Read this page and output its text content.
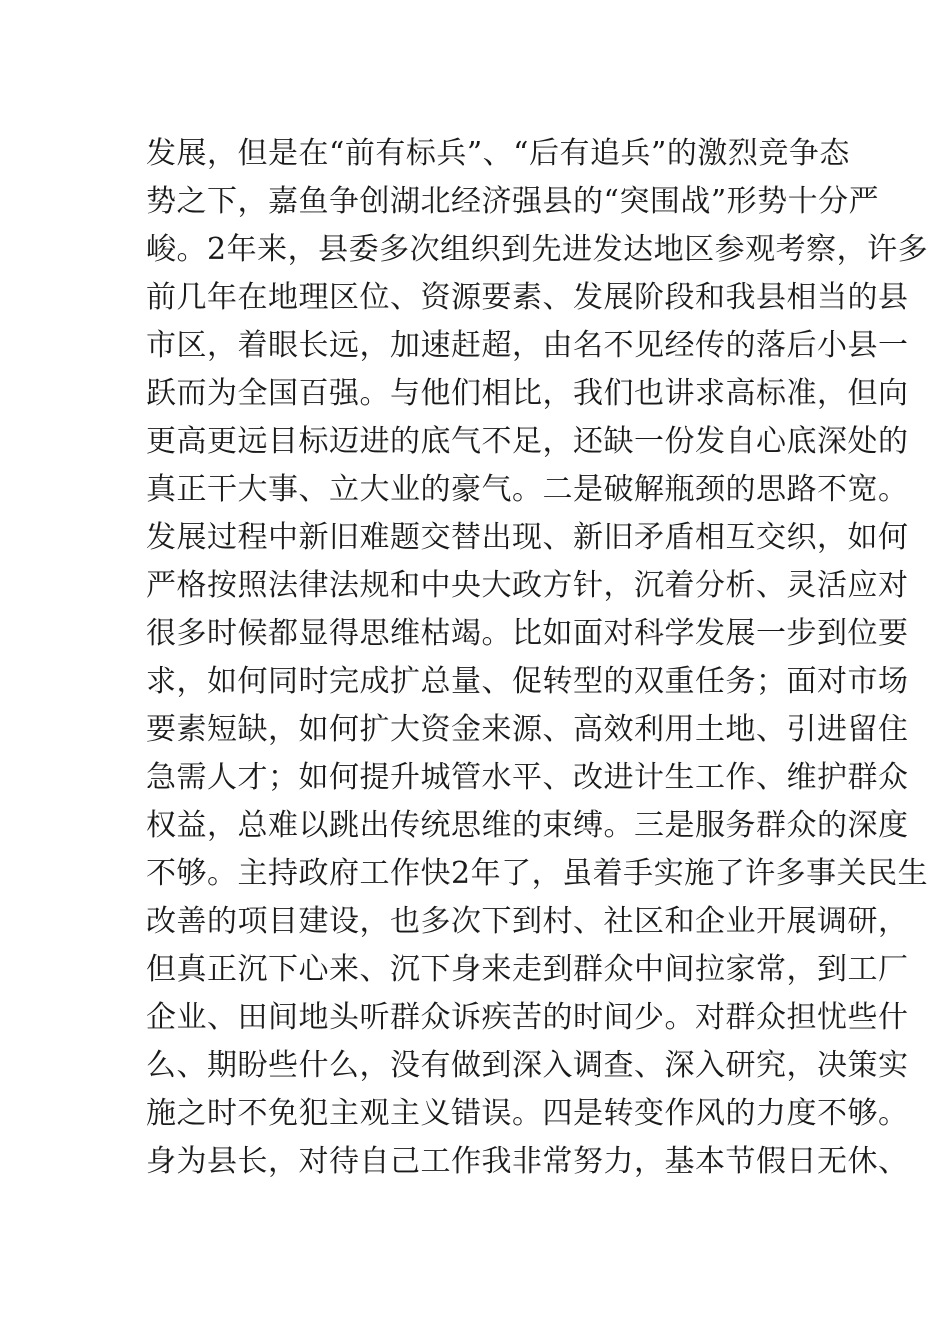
发展，但是在“前有标兵”、“后有追兵”的激烈竞争态
势之下，嘉鱼争创湖北经济强县的“突围战”形势十分严
峻。2年来，县委多次组织到先进发达地区参观考察，许多
前几年在地理区位、资源要素、发展阶段和我县相当的县
市区，着眼长远，加速赶超，由名不见经传的落后小县一
跃而为全国百强。与他们相比，我们也讲求高标准，但向
更高更远目标迈进的底气不足，还缺一份发自心底深处的
真正干大事、立大业的豪气。二是破解瓶颈的思路不宽。
发展过程中新旧难题交替出现、新旧矛盾相互交织，如何
严格按照法律法规和中央大政方针，沉着分析、灵活应对
很多时候都显得思维枯竭。比如面对科学发展一步到位要
求，如何同时完成扩总量、促转型的双重任务；面对市场
要素短缺，如何扩大资金来源、高效利用土地、引进留住
急需人才；如何提升城管水平、改进计生工作、维护群众
权益，总难以跳出传统思维的束缚。三是服务群众的深度
不够。主持政府工作快2年了，虽着手实施了许多事关民生
改善的项目建设，也多次下到村、社区和企业开展调研，
但真正沉下心来、沉下身来走到群众中间拉家常，到工厂
企业、田间地头听群众诉疾苦的时间少。对群众担忧些什
么、期盼些什么，没有做到深入调查、深入研究，决策实
施之时不免犯主观主义错误。四是转变作风的力度不够。
身为县长，对待自己工作我非常努力，基本节假日无休、
